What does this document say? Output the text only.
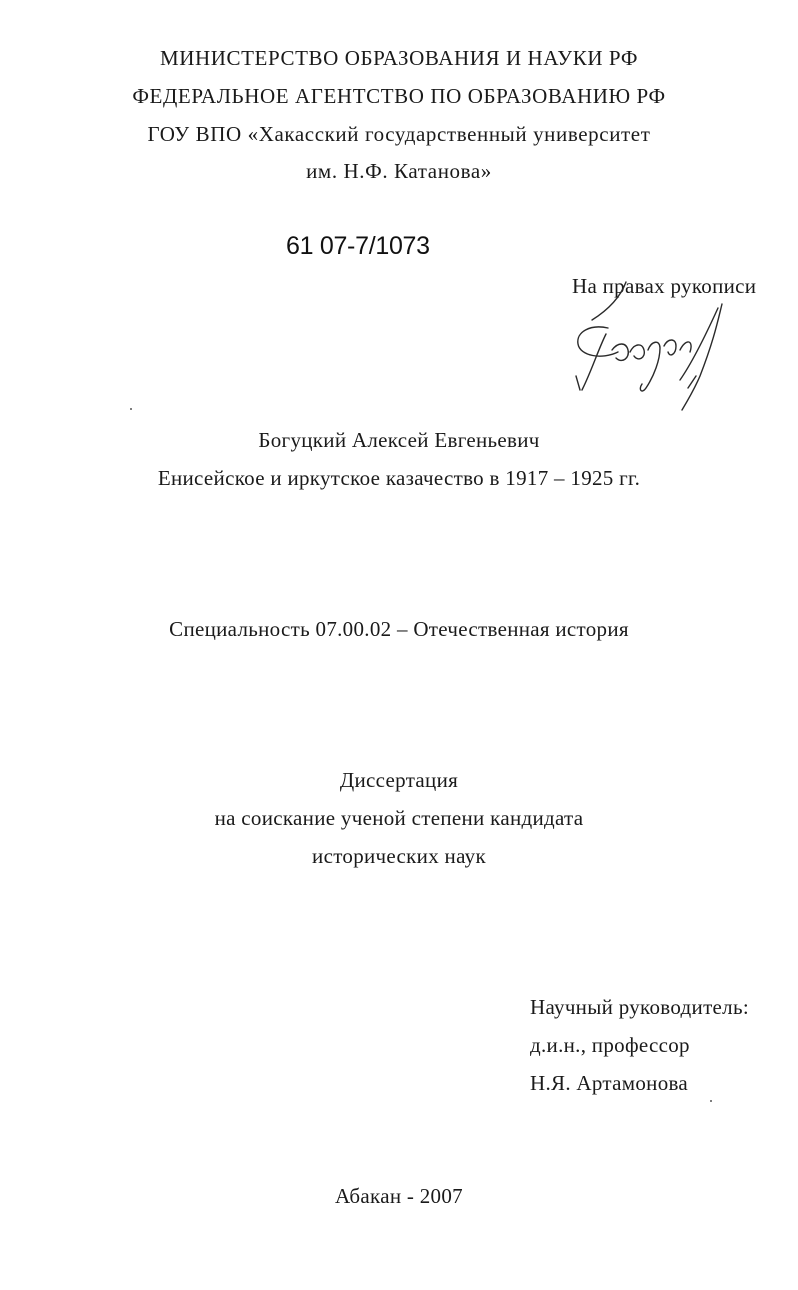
МИНИСТЕРСТВО ОБРАЗОВАНИЯ И НАУКИ РФ
ФЕДЕРАЛЬНОЕ АГЕНТСТВО ПО ОБРАЗОВАНИЮ РФ
ГОУ ВПО «Хакасский государственный университет
им. Н.Ф. Катанова»
61 07-7/1073
На правах рукописи
Богуцкий Алексей Евгеньевич
Енисейское и иркутское казачество в 1917 – 1925 гг.
Специальность 07.00.02 – Отечественная история
Диссертация
на соискание ученой степени кандидата
исторических наук
Научный руководитель:
д.и.н., профессор
Н.Я. Артамонова
Абакан - 2007
